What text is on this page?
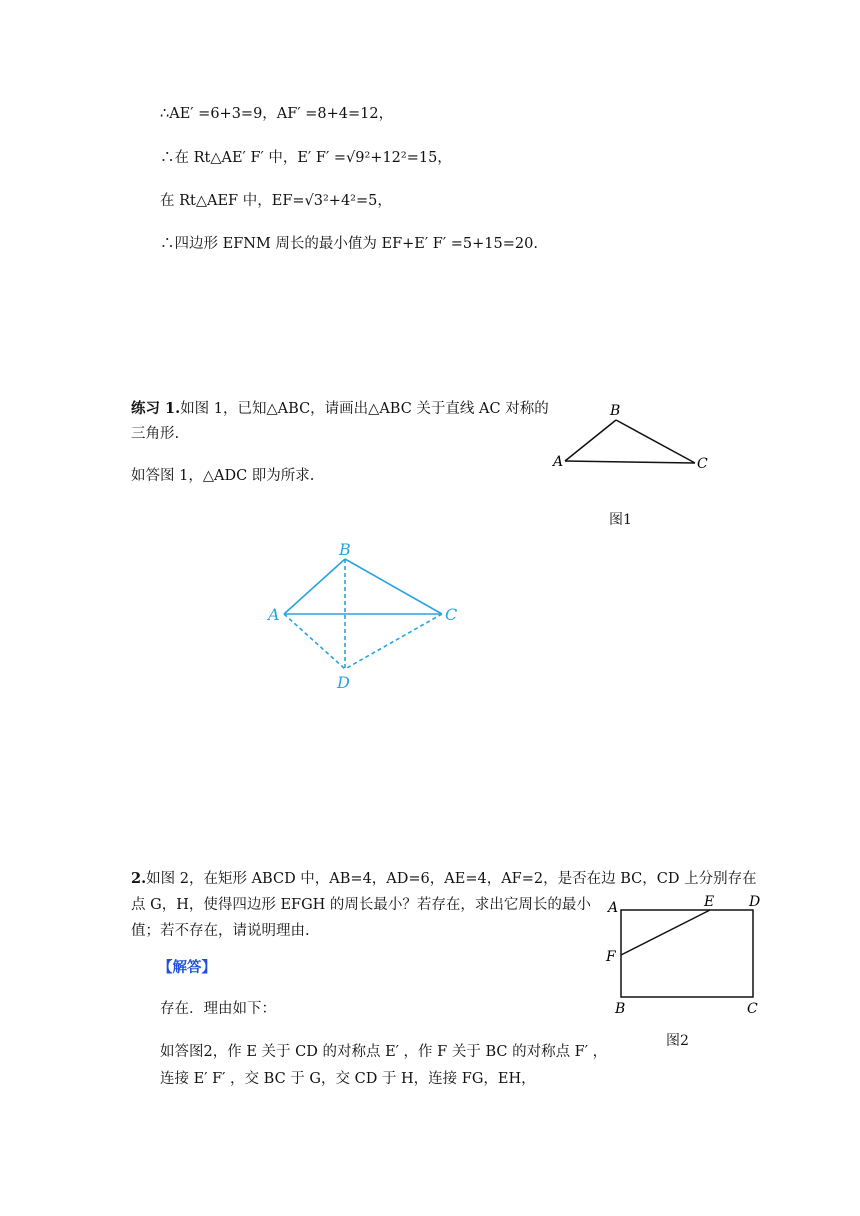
∴AE′ =6+3=9，AF′ =8+4=12，
∴在 Rt△AE′ F′ 中，E′ F′ =√9²+12²=15，
在 Rt△AEF 中，EF=√3²+4²=5，
∴四边形 EFNM 周长的最小值为 EF+E′ F′ =5+15=20.
练习 1.如图 1，已知△ABC，请画出△ABC 关于直线 AC 对称的
三角形.
如答图 1，△ADC 即为所求.
B
A	C
图1
B
A	C
D
2.如图 2，在矩形 ABCD 中，AB=4，AD=6，AE=4，AF=2，是否在边 BC，CD 上分别存在
点 G，H，使得四边形 EFGH 的周长最小？若存在，求出它周长的最小
值；若不存在，请说明理由.
【解答】
存在．理由如下：
如答图2，作 E 关于 CD 的对称点 E′ ，作 F 关于 BC 的对称点 F′ ，
连接 E′ F′ ，交 BC 于 G，交 CD 于 H，连接 FG，EH，
A	E D
F
B	C
图2
